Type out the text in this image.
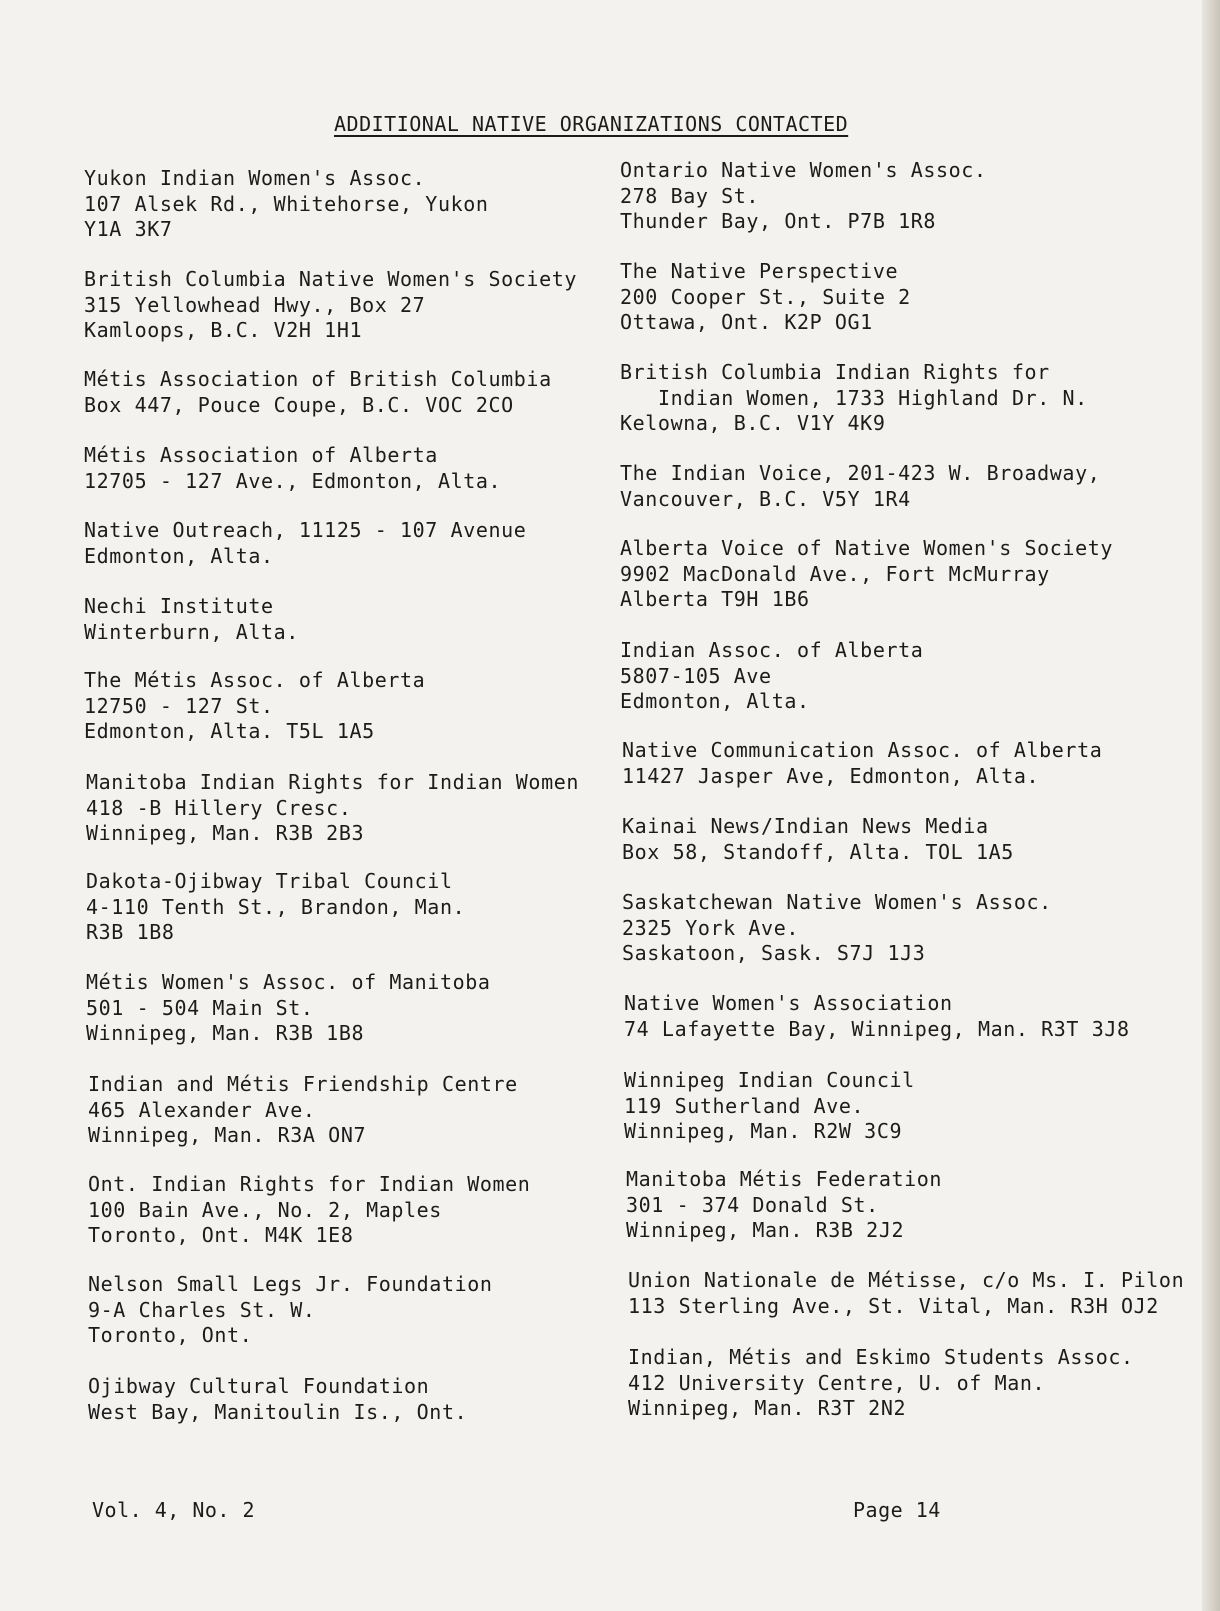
ADDITIONAL NATIVE ORGANIZATIONS CONTACTED
Yukon Indian Women's Assoc.
107 Alsek Rd., Whitehorse, Yukon
Y1A 3K7
British Columbia Native Women's Society
315 Yellowhead Hwy., Box 27
Kamloops, B.C. V2H 1H1
Métis Association of British Columbia
Box 447, Pouce Coupe, B.C. VOC 2CO
Métis Association of Alberta
12705 - 127 Ave., Edmonton, Alta.
Native Outreach, 11125 - 107 Avenue
Edmonton, Alta.
Nechi Institute
Winterburn, Alta.
The Métis Assoc. of Alberta
12750 - 127 St.
Edmonton, Alta. T5L 1A5
Manitoba Indian Rights for Indian Women
418 -B Hillery Cresc.
Winnipeg, Man. R3B 2B3
Dakota-Ojibway Tribal Council
4-110 Tenth St., Brandon, Man.
R3B 1B8
Métis Women's Assoc. of Manitoba
501 - 504 Main St.
Winnipeg, Man. R3B 1B8
Indian and Métis Friendship Centre
465 Alexander Ave.
Winnipeg, Man. R3A ON7
Ont. Indian Rights for Indian Women
100 Bain Ave., No. 2, Maples
Toronto, Ont. M4K 1E8
Nelson Small Legs Jr. Foundation
9-A Charles St. W.
Toronto, Ont.
Ojibway Cultural Foundation
West Bay, Manitoulin Is., Ont.
Ontario Native Women's Assoc.
278 Bay St.
Thunder Bay, Ont. P7B 1R8
The Native Perspective
200 Cooper St., Suite 2
Ottawa, Ont. K2P OG1
British Columbia Indian Rights for
Indian Women, 1733 Highland Dr. N.
Kelowna, B.C. V1Y 4K9
The Indian Voice, 201-423 W. Broadway,
Vancouver, B.C. V5Y 1R4
Alberta Voice of Native Women's Society
9902 MacDonald Ave., Fort McMurray
Alberta T9H 1B6
Indian Assoc. of Alberta
5807-105 Ave
Edmonton, Alta.
Native Communication Assoc. of Alberta
11427 Jasper Ave, Edmonton, Alta.
Kainai News/Indian News Media
Box 58, Standoff, Alta. TOL 1A5
Saskatchewan Native Women's Assoc.
2325 York Ave.
Saskatoon, Sask. S7J 1J3
Native Women's Association
74 Lafayette Bay, Winnipeg, Man. R3T 3J8
Winnipeg Indian Council
119 Sutherland Ave.
Winnipeg, Man. R2W 3C9
Manitoba Métis Federation
301 - 374 Donald St.
Winnipeg, Man. R3B 2J2
Union Nationale de Métisse, c/o Ms. I. Pilon
113 Sterling Ave., St. Vital, Man. R3H OJ2
Indian, Métis and Eskimo Students Assoc.
412 University Centre, U. of Man.
Winnipeg, Man. R3T 2N2
Vol. 4, No. 2	Page 14
